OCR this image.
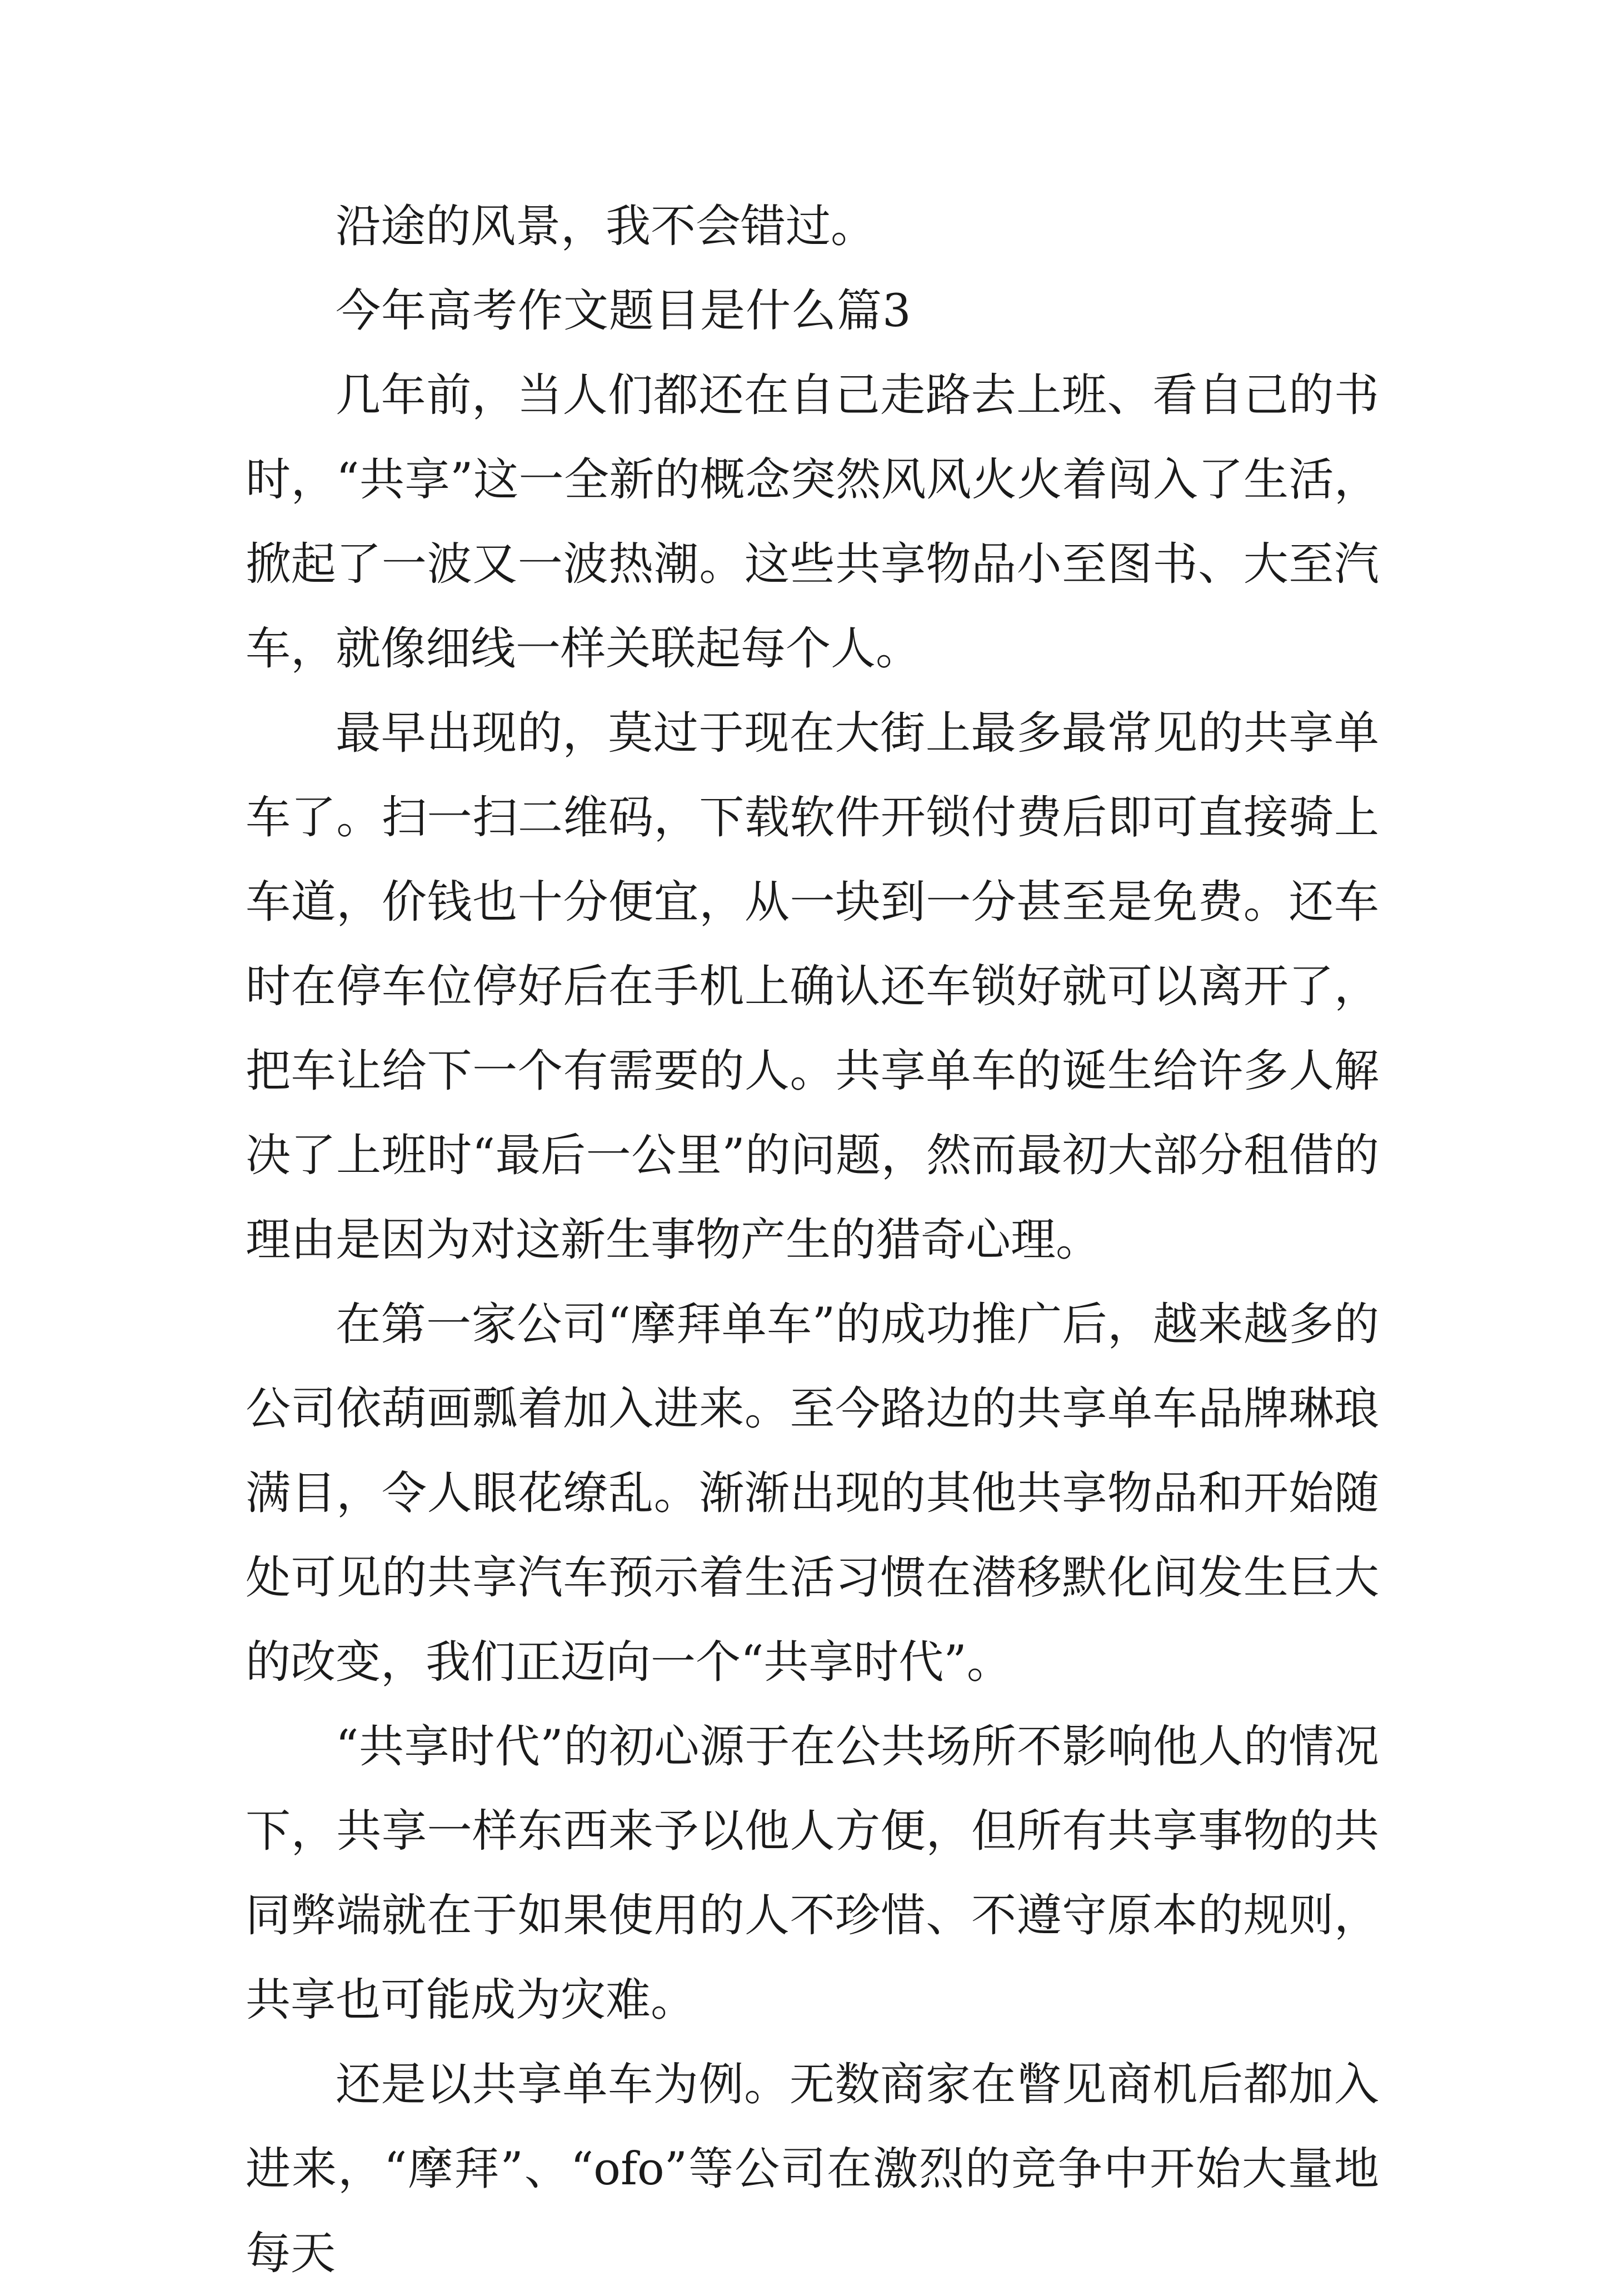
沿途的风景，我不会错过。

今年高考作文题目是什么篇3

几年前，当人们都还在自己走路去上班、看自己的书时，“共享”这一全新的概念突然风风火火着闯入了生活，掀起了一波又一波热潮。这些共享物品小至图书、大至汽车，就像细线一样关联起每个人。

最早出现的，莫过于现在大街上最多最常见的共享单车了。扫一扫二维码，下载软件开锁付费后即可直接骑上车道，价钱也十分便宜，从一块到一分甚至是免费。还车时在停车位停好后在手机上确认还车锁好就可以离开了，把车让给下一个有需要的人。共享单车的诞生给许多人解决了上班时“最后一公里”的问题，然而最初大部分租借的理由是因为对这新生事物产生的猎奇心理。

在第一家公司“摩拜单车”的成功推广后，越来越多的公司依葫画瓢着加入进来。至今路边的共享单车品牌琳琅满目，令人眼花缭乱。渐渐出现的其他共享物品和开始随处可见的共享汽车预示着生活习惯在潜移默化间发生巨大的改变，我们正迈向一个“共享时代”。

“共享时代”的初心源于在公共场所不影响他人的情况下，共享一样东西来予以他人方便，但所有共享事物的共同弊端就在于如果使用的人不珍惜、不遵守原本的规则，共享也可能成为灾难。

还是以共享单车为例。无数商家在瞥见商机后都加入进来，“摩拜”、“ofo”等公司在激烈的竞争中开始大量地每天
